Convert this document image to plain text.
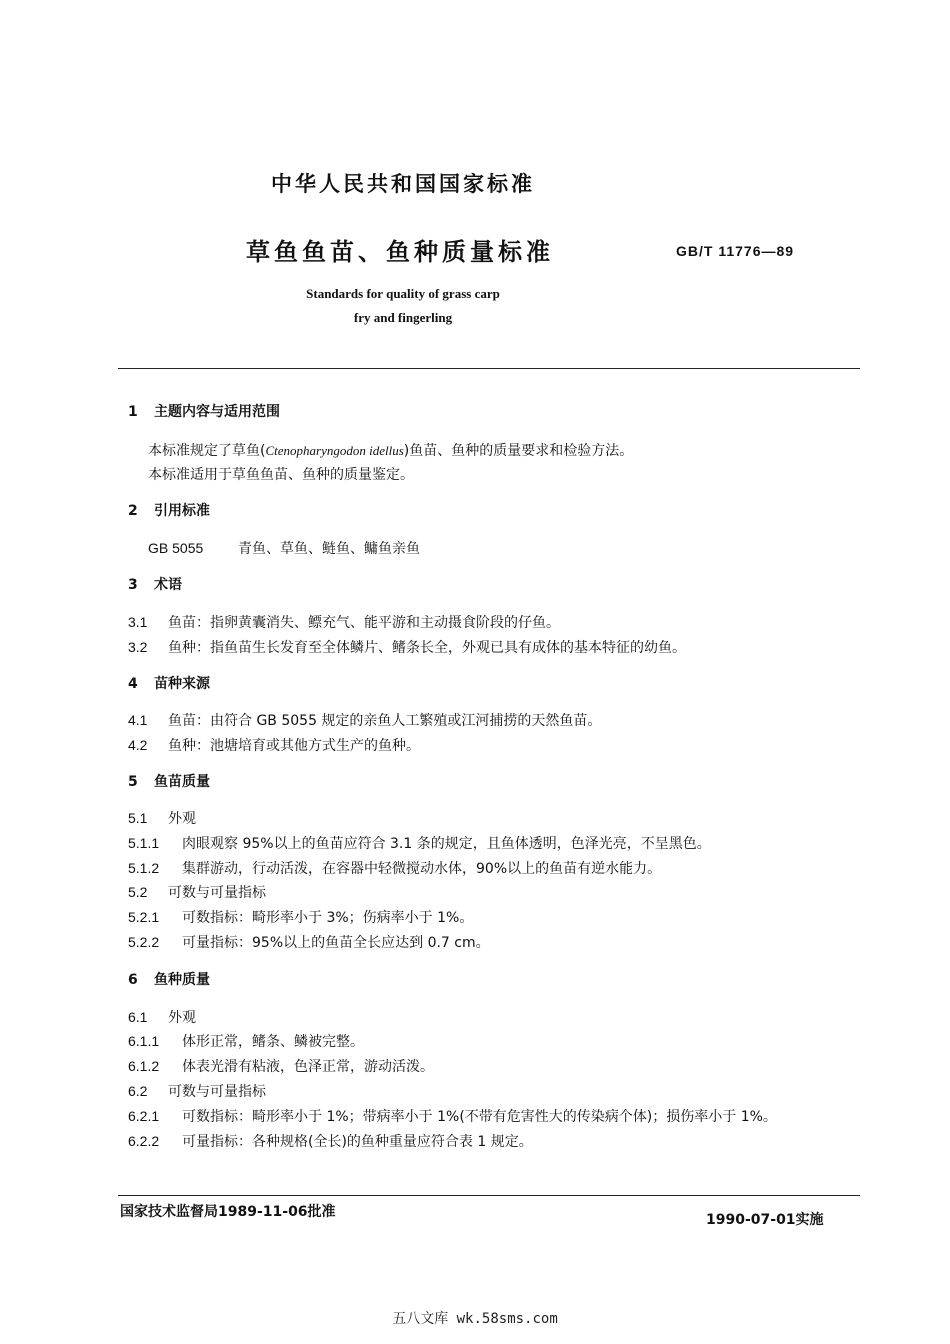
中华人民共和国国家标准
草鱼鱼苗、鱼种质量标准	GB/T 11776—89
Standards for quality of grass carp
fry and fingerling
1 主题内容与适用范围
本标准规定了草鱼(Ctenopharyngodon idellus)鱼苗、鱼种的质量要求和检验方法。
本标准适用于草鱼鱼苗、鱼种的质量鉴定。
2 引用标准
GB 5055 青鱼、草鱼、鲢鱼、鳙鱼亲鱼
3 术语
3.1 鱼苗：指卵黄囊消失、鳔充气、能平游和主动摄食阶段的仔鱼。
3.2 鱼种：指鱼苗生长发育至全体鳞片、鳍条长全，外观已具有成体的基本特征的幼鱼。
4 苗种来源
4.1 鱼苗：由符合 GB 5055 规定的亲鱼人工繁殖或江河捕捞的天然鱼苗。
4.2 鱼种：池塘培育或其他方式生产的鱼种。
5 鱼苗质量
5.1 外观
5.1.1 肉眼观察 95%以上的鱼苗应符合 3.1 条的规定，且鱼体透明，色泽光亮，不呈黑色。
5.1.2 集群游动，行动活泼，在容器中轻微搅动水体，90%以上的鱼苗有逆水能力。
5.2 可数与可量指标
5.2.1 可数指标：畸形率小于 3%；伤病率小于 1%。
5.2.2 可量指标：95%以上的鱼苗全长应达到 0.7 cm。
6 鱼种质量
6.1 外观
6.1.1 体形正常，鳍条、鳞被完整。
6.1.2 体表光滑有粘液，色泽正常，游动活泼。
6.2 可数与可量指标
6.2.1 可数指标：畸形率小于 1%；带病率小于 1%(不带有危害性大的传染病个体)；损伤率小于 1%。
6.2.2 可量指标：各种规格(全长)的鱼种重量应符合表 1 规定。
国家技术监督局1989-11-06批准	1990-07-01实施
五八文库 wk.58sms.com
